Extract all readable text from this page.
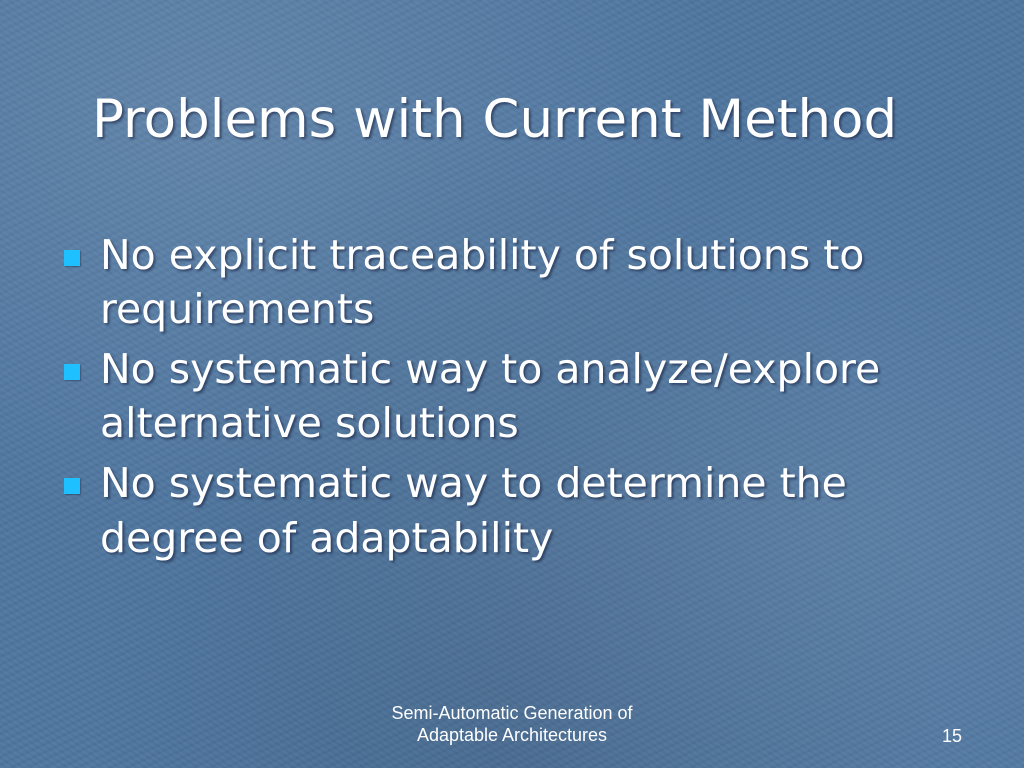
Problems with Current Method
No explicit traceability of solutions to requirements
No systematic way to analyze/explore alternative solutions
No systematic way to determine the degree of adaptability
Semi-Automatic Generation of
Adaptable Architectures	15
